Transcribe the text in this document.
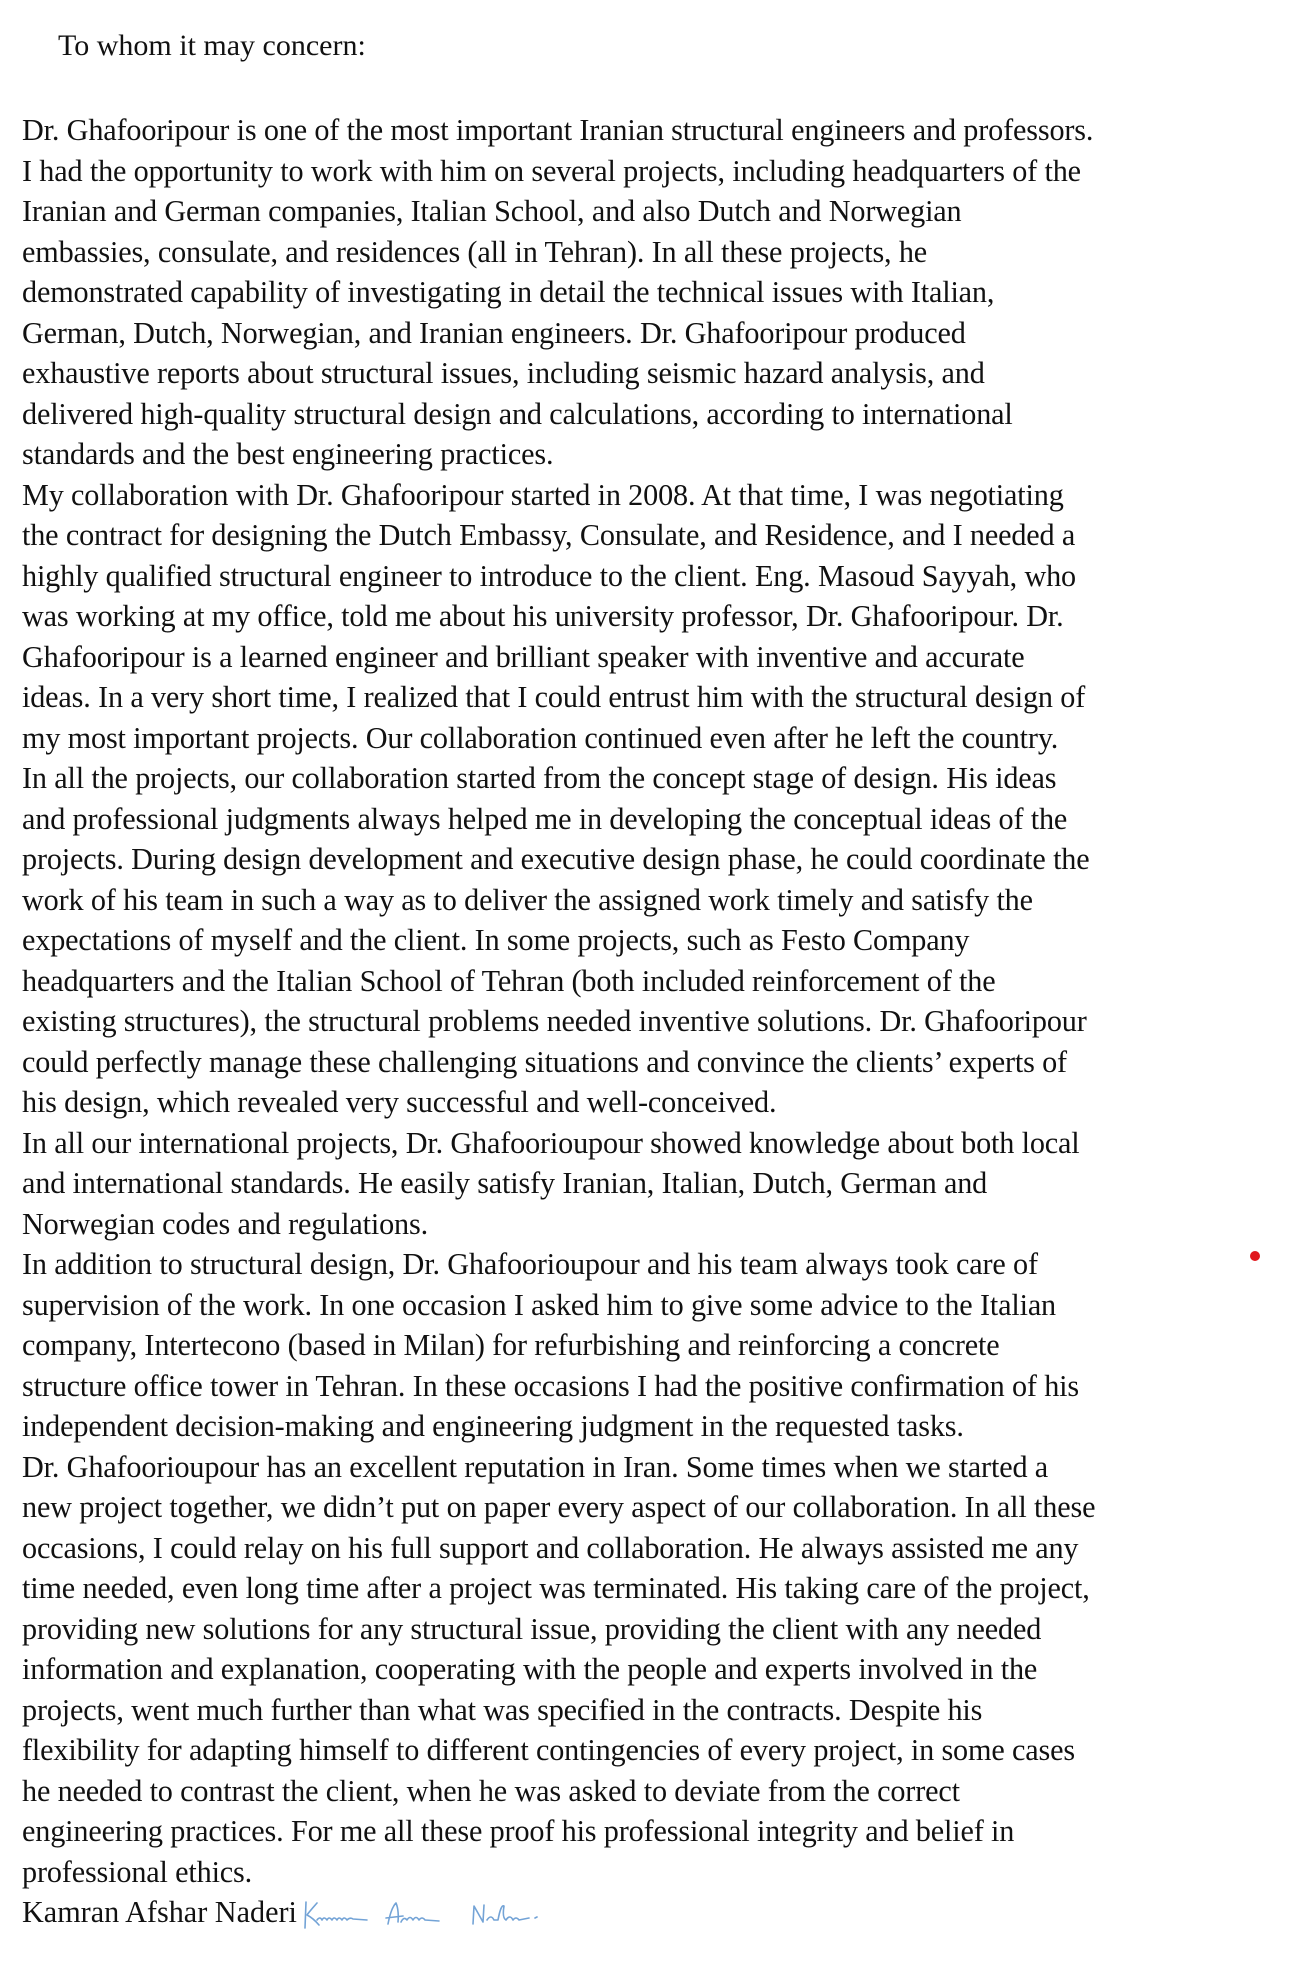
To whom it may concern:
Dr. Ghafooripour is one of the most important Iranian structural engineers and professors.
I had the opportunity to work with him on several projects, including headquarters of the
Iranian and German companies, Italian School, and also Dutch and Norwegian
embassies, consulate, and residences (all in Tehran). In all these projects, he
demonstrated capability of investigating in detail the technical issues with Italian,
German, Dutch, Norwegian, and Iranian engineers. Dr. Ghafooripour produced
exhaustive reports about structural issues, including seismic hazard analysis, and
delivered high-quality structural design and calculations, according to international
standards and the best engineering practices.
My collaboration with Dr. Ghafooripour started in 2008. At that time, I was negotiating
the contract for designing the Dutch Embassy, Consulate, and Residence, and I needed a
highly qualified structural engineer to introduce to the client. Eng. Masoud Sayyah, who
was working at my office, told me about his university professor, Dr. Ghafooripour. Dr.
Ghafooripour is a learned engineer and brilliant speaker with inventive and accurate
ideas. In a very short time, I realized that I could entrust him with the structural design of
my most important projects. Our collaboration continued even after he left the country.
In all the projects, our collaboration started from the concept stage of design. His ideas
and professional judgments always helped me in developing the conceptual ideas of the
projects. During design development and executive design phase, he could coordinate the
work of his team in such a way as to deliver the assigned work timely and satisfy the
expectations of myself and the client. In some projects, such as Festo Company
headquarters and the Italian School of Tehran (both included reinforcement of the
existing structures), the structural problems needed inventive solutions. Dr. Ghafooripour
could perfectly manage these challenging situations and convince the clients’ experts of
his design, which revealed very successful and well-conceived.
In all our international projects, Dr. Ghafoorioupour showed knowledge about both local
and international standards. He easily satisfy Iranian, Italian, Dutch, German and
Norwegian codes and regulations.
In addition to structural design, Dr. Ghafoorioupour and his team always took care of
supervision of the work. In one occasion I asked him to give some advice to the Italian
company, Intertecono (based in Milan) for refurbishing and reinforcing a concrete
structure office tower in Tehran. In these occasions I had the positive confirmation of his
independent decision-making and engineering judgment in the requested tasks.
Dr. Ghafoorioupour has an excellent reputation in Iran. Some times when we started a
new project together, we didn’t put on paper every aspect of our collaboration. In all these
occasions, I could relay on his full support and collaboration. He always assisted me any
time needed, even long time after a project was terminated. His taking care of the project,
providing new solutions for any structural issue, providing the client with any needed
information and explanation, cooperating with the people and experts involved in the
projects, went much further than what was specified in the contracts. Despite his
flexibility for adapting himself to different contingencies of every project, in some cases
he needed to contrast the client, when he was asked to deviate from the correct
engineering practices. For me all these proof his professional integrity and belief in
professional ethics.
Kamran Afshar Naderi
